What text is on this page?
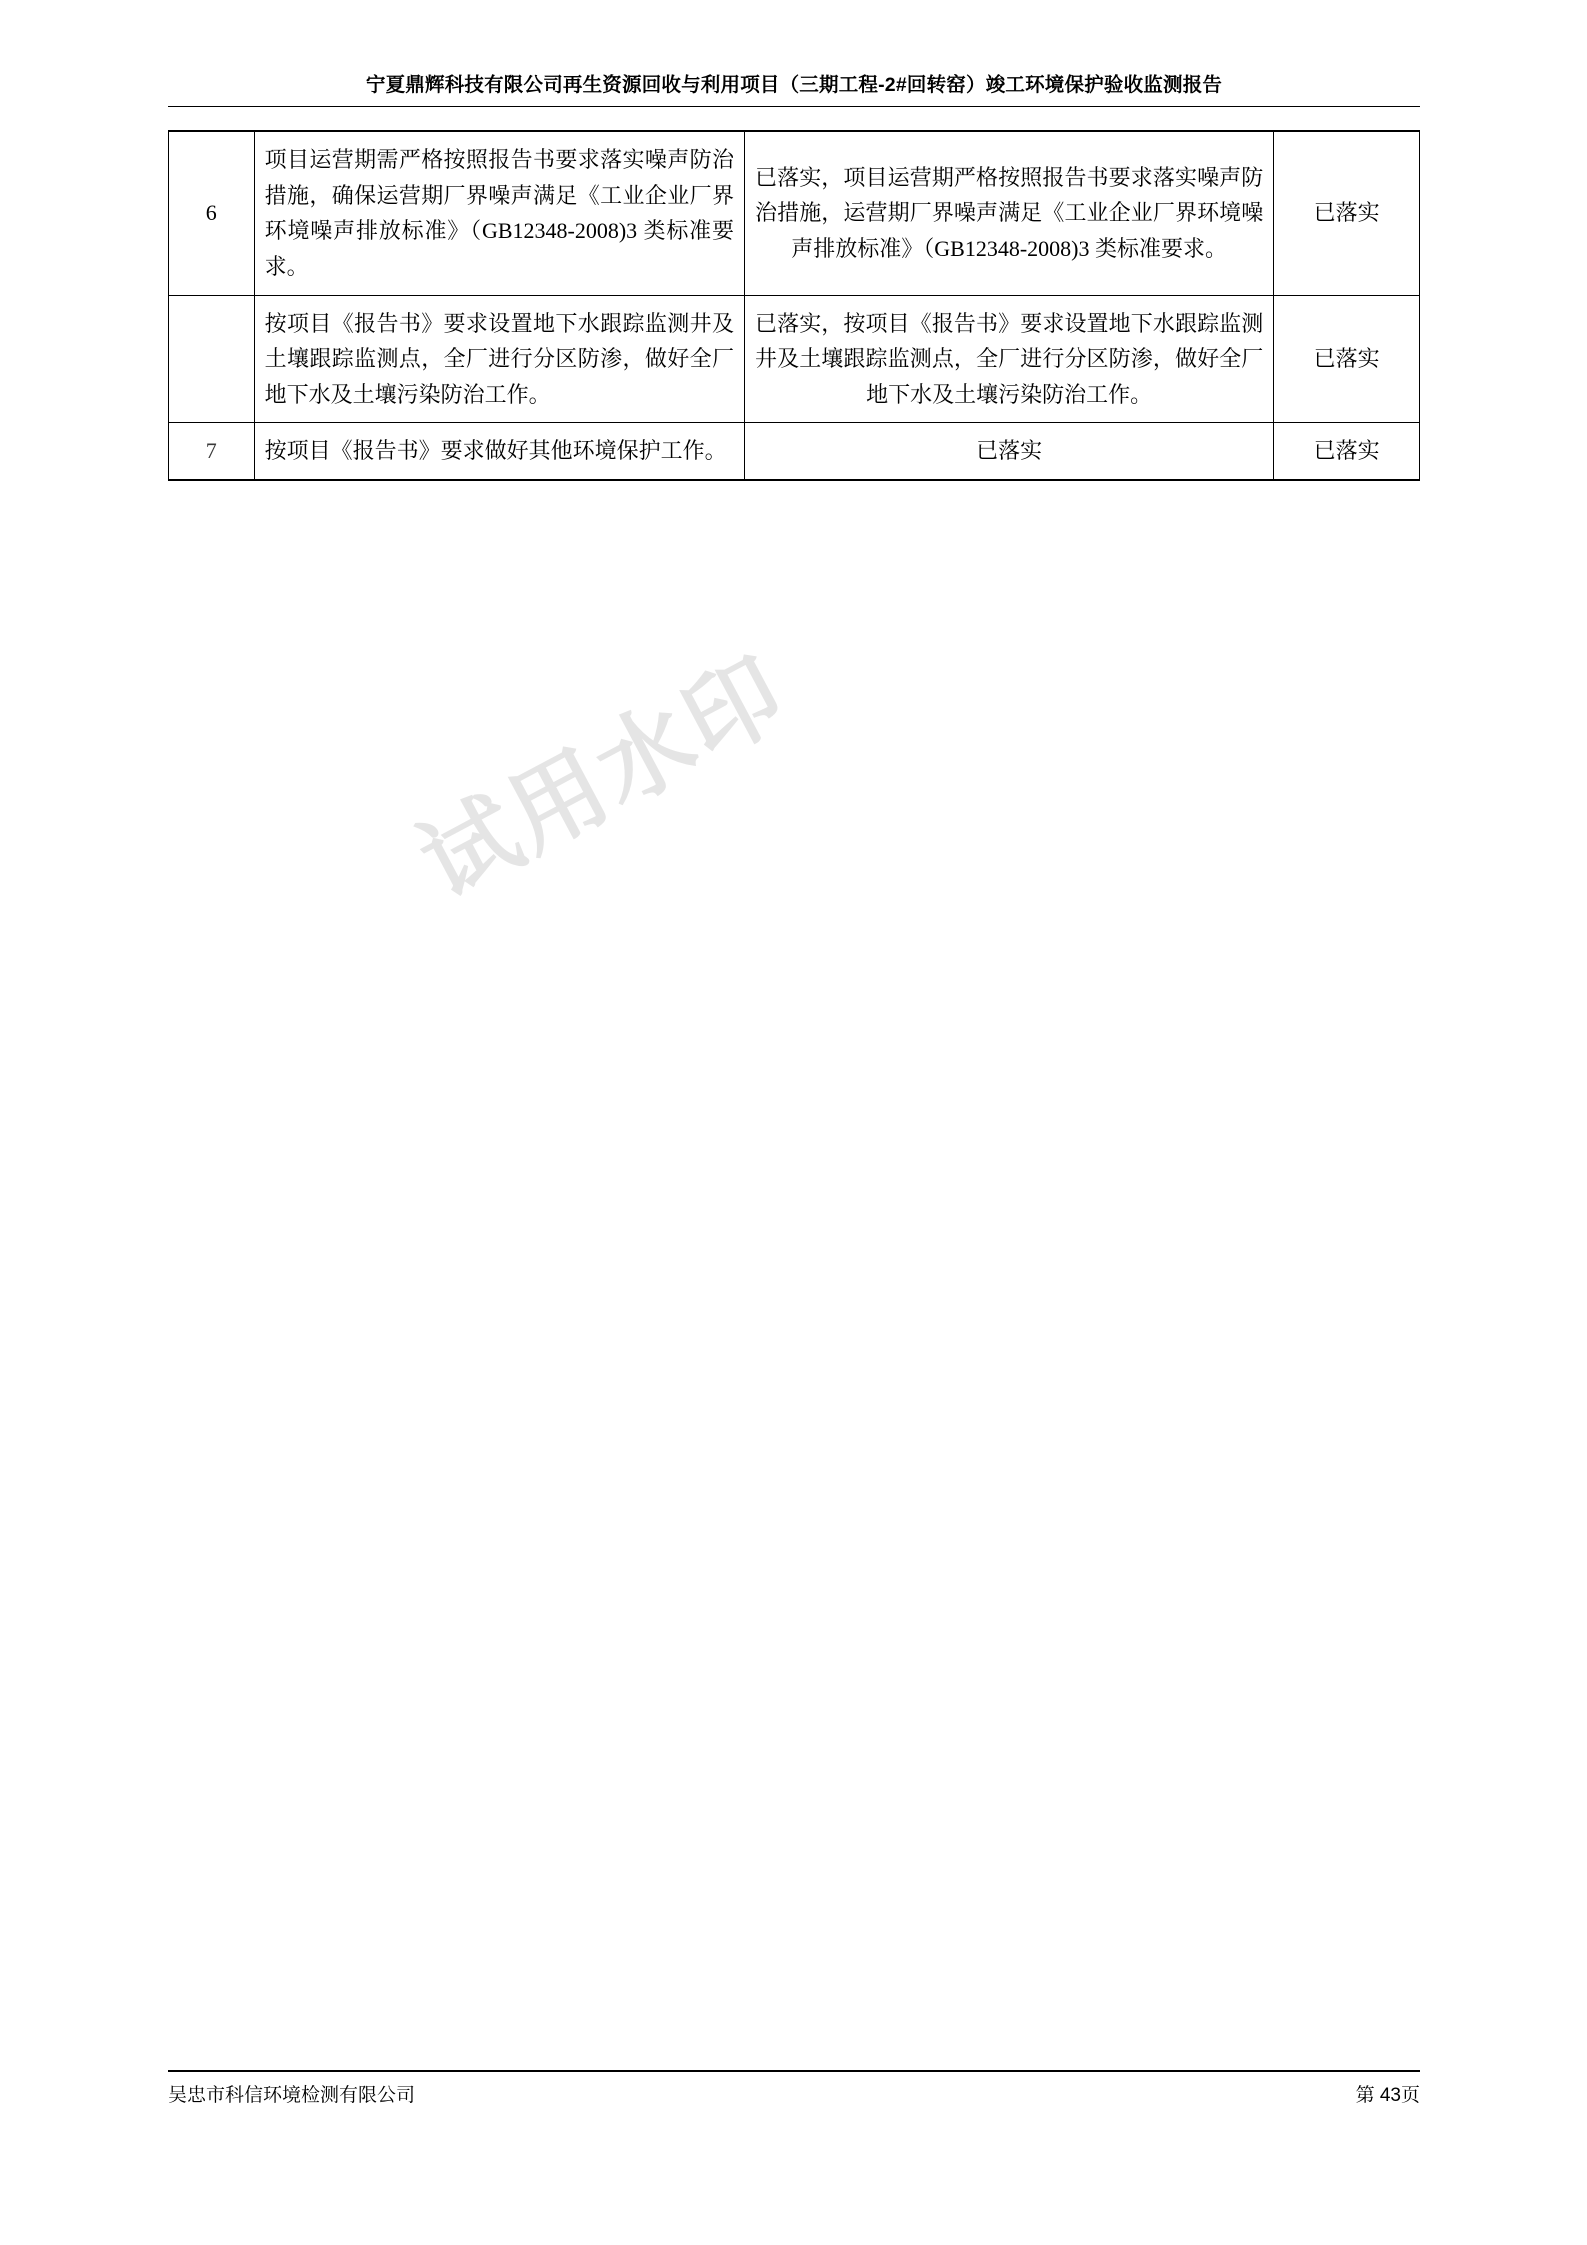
宁夏鼎辉科技有限公司再生资源回收与利用项目（三期工程-2#回转窑）竣工环境保护验收监测报告
6	项目运营期需严格按照报告书要求落实噪声防治措施，确保运营期厂界噪声满足《工业企业厂界环境噪声排放标准》（GB12348-2008)3 类标准要求。	已落实，项目运营期严格按照报告书要求落实噪声防治措施，运营期厂界噪声满足《工业企业厂界环境噪声排放标准》（GB12348-2008)3 类标准要求。	已落实
	按项目《报告书》要求设置地下水跟踪监测井及土壤跟踪监测点，全厂进行分区防渗，做好全厂地下水及土壤污染防治工作。	已落实，按项目《报告书》要求设置地下水跟踪监测井及土壤跟踪监测点，全厂进行分区防渗，做好全厂地下水及土壤污染防治工作。	已落实
7	按项目《报告书》要求做好其他环境保护工作。	已落实	已落实
试用水印
吴忠市科信环境检测有限公司	第 43页
